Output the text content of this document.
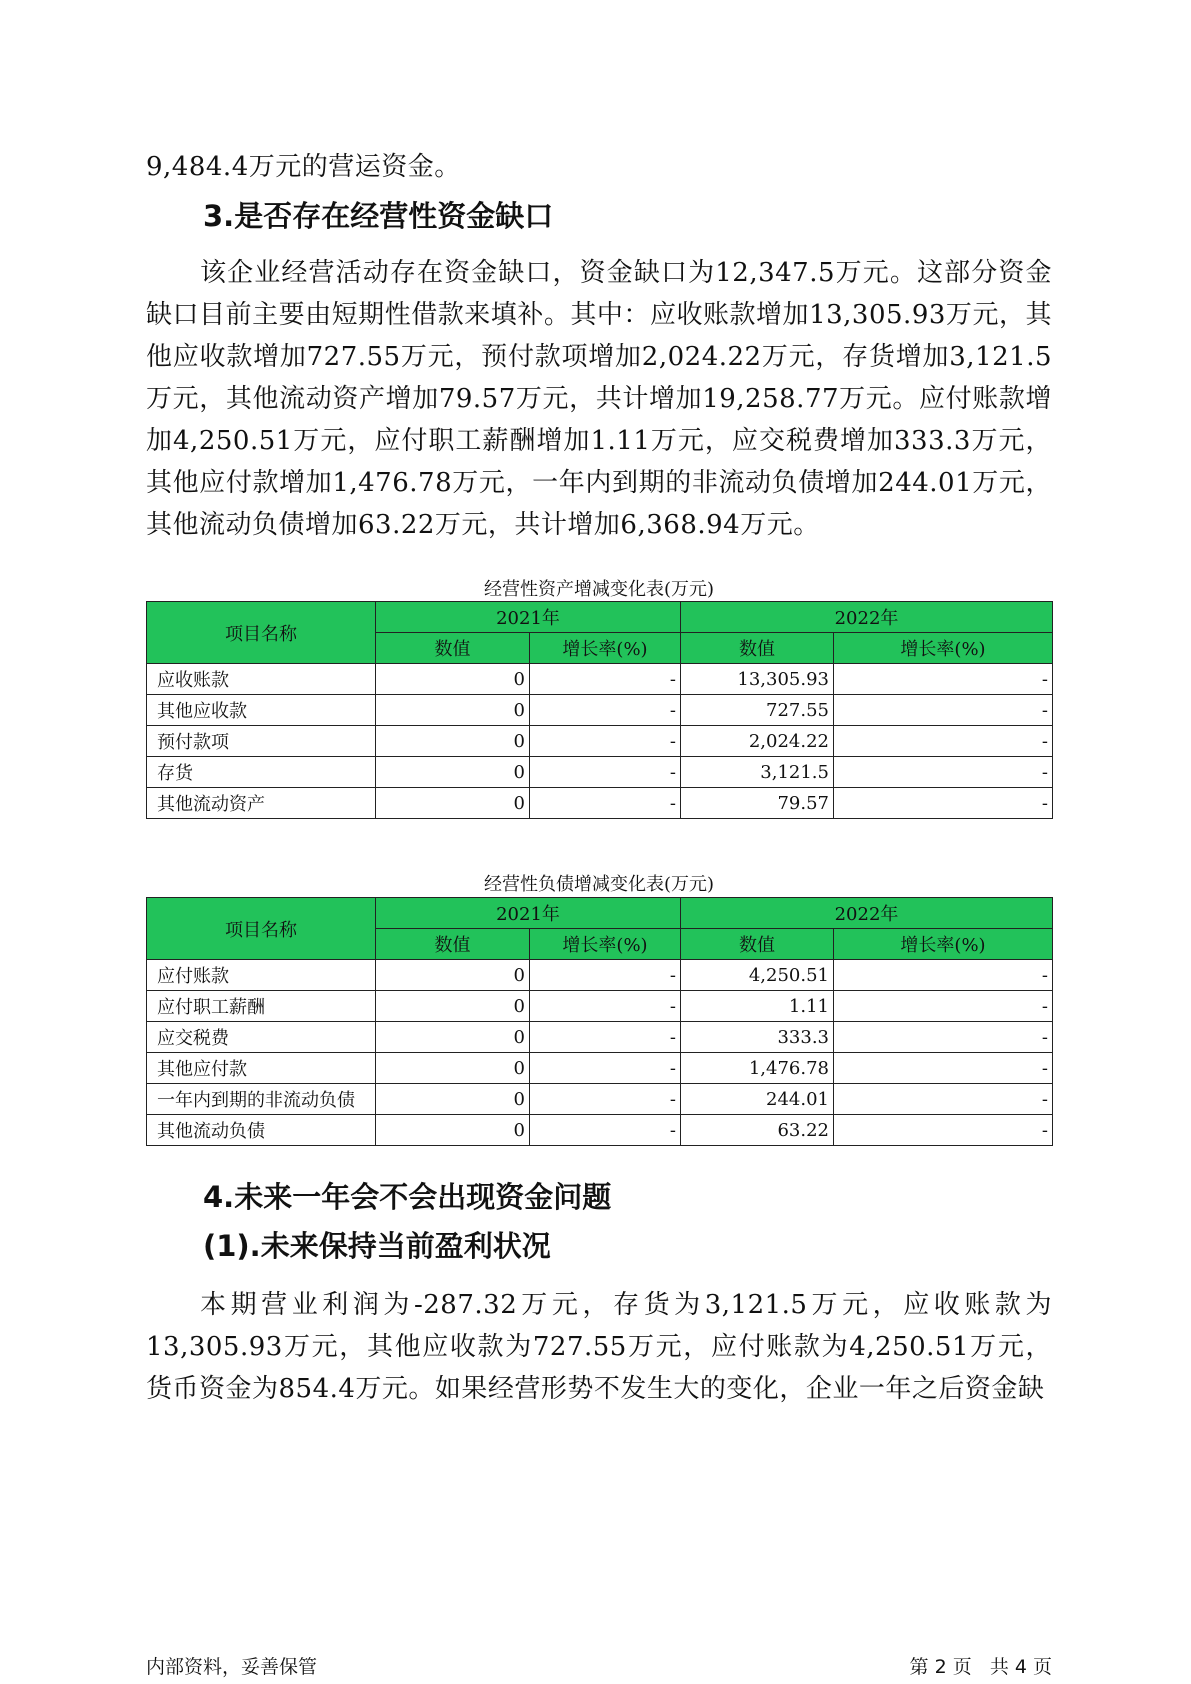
9,484.4万元的营运资金。

3.是否存在经营性资金缺口

该企业经营活动存在资金缺口，资金缺口为12,347.5万元。这部分资金缺口目前主要由短期性借款来填补。其中：应收账款增加13,305.93万元，其他应收款增加727.55万元，预付款项增加2,024.22万元，存货增加3,121.5万元，其他流动资产增加79.57万元，共计增加19,258.77万元。应付账款增加4,250.51万元，应付职工薪酬增加1.11万元，应交税费增加333.3万元，其他应付款增加1,476.78万元，一年内到期的非流动负债增加244.01万元，其他流动负债增加63.22万元，共计增加6,368.94万元。

经营性资产增减变化表(万元)

项目名称	2021年		2022年	
	数值	增长率(%)	数值	增长率(%)
应收账款	0	-	13,305.93	-
其他应收款	0	-	727.55	-
预付款项	0	-	2,024.22	-
存货	0	-	3,121.5	-
其他流动资产	0	-	79.57	-

经营性负债增减变化表(万元)

项目名称	2021年		2022年	
	数值	增长率(%)	数值	增长率(%)
应付账款	0	-	4,250.51	-
应付职工薪酬	0	-	1.11	-
应交税费	0	-	333.3	-
其他应付款	0	-	1,476.78	-
一年内到期的非流动负债	0	-	244.01	-
其他流动负债	0	-	63.22	-
4.未来一年会不会出现资金问题
(1).未来保持当前盈利状况

本期营业利润为-287.32万元，存货为3,121.5万元，应收账款为13,305.93万元，其他应收款为727.55万元，应付账款为4,250.51万元，货币资金为854.4万元。如果经营形势不发生大的变化，企业一年之后资金缺

内部资料，妥善保管	第 2 页   共 4 页
